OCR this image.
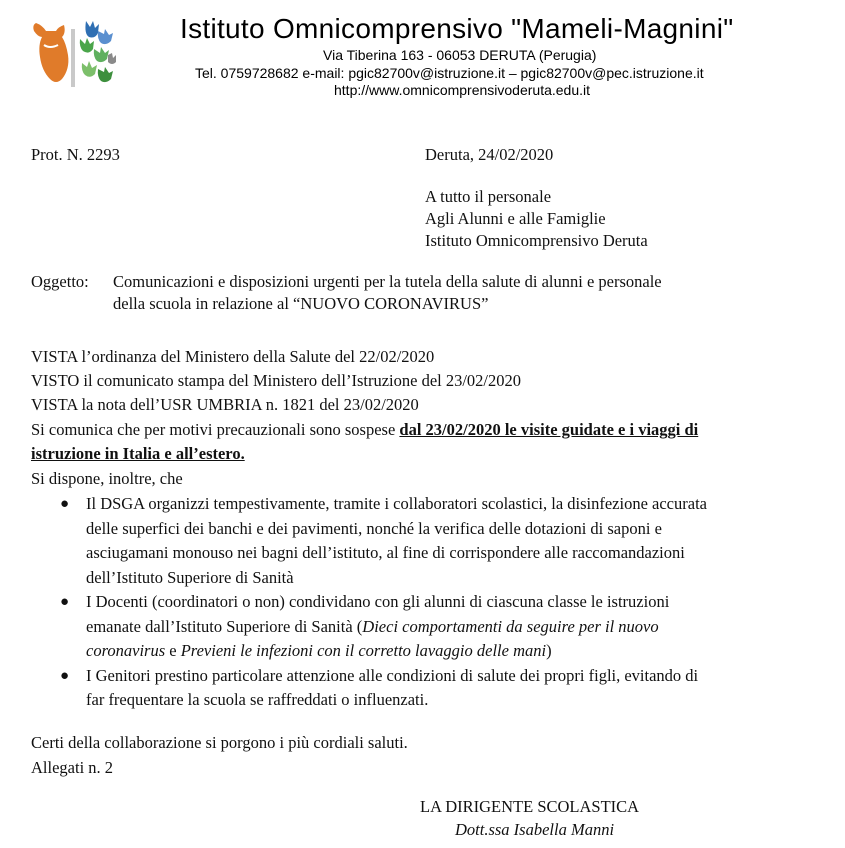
Istituto Omnicomprensivo "Mameli-Magnini"
Via Tiberina 163 - 06053 DERUTA (Perugia)
Tel. 0759728682 e-mail: pgic82700v@istruzione.it – pgic82700v@pec.istruzione.it
http://www.omnicomprensivoderuta.edu.it
Prot. N. 2293	Deruta, 24/02/2020
A tutto il personale
Agli Alunni e alle Famiglie
Istituto Omnicomprensivo Deruta
Oggetto: Comunicazioni e disposizioni urgenti per la tutela della salute di alunni e personale
della scuola in relazione al “NUOVO CORONAVIRUS”
VISTA l’ordinanza del Ministero della Salute del 22/02/2020
VISTO il comunicato stampa del Ministero dell’Istruzione del 23/02/2020
VISTA la nota dell’USR UMBRIA n. 1821 del 23/02/2020
Si comunica che per motivi precauzionali sono sospese dal 23/02/2020 le visite guidate e i viaggi di
istruzione in Italia e all’estero.
Si dispone, inoltre, che
● Il DSGA organizzi tempestivamente, tramite i collaboratori scolastici, la disinfezione accurata
delle superfici dei banchi e dei pavimenti, nonché la verifica delle dotazioni di saponi e
asciugamani monouso nei bagni dell’istituto, al fine di corrispondere alle raccomandazioni
dell’Istituto Superiore di Sanità
● I Docenti (coordinatori o non) condividano con gli alunni di ciascuna classe le istruzioni
emanate dall’Istituto Superiore di Sanità (Dieci comportamenti da seguire per il nuovo
coronavirus e Previeni le infezioni con il corretto lavaggio delle mani)
● I Genitori prestino particolare attenzione alle condizioni di salute dei propri figli, evitando di
far frequentare la scuola se raffreddati o influenzati.
Certi della collaborazione si porgono i più cordiali saluti.
Allegati n. 2
LA DIRIGENTE SCOLASTICA
Dott.ssa Isabella Manni
